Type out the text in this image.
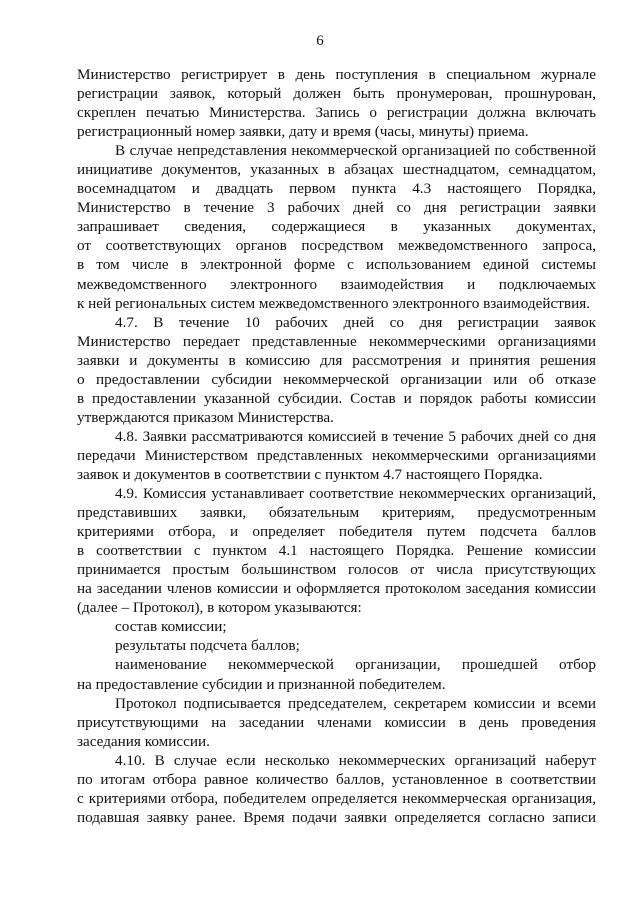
6
Министерство регистрирует в день поступления в специальном журнале
регистрации заявок, который должен быть пронумерован, прошнурован,
скреплен печатью Министерства. Запись о регистрации должна включать
регистрационный номер заявки, дату и время (часы, минуты) приема.
В случае непредставления некоммерческой организацией по собственной
инициативе документов, указанных в абзацах шестнадцатом, семнадцатом,
восемнадцатом и двадцать первом пункта 4.3 настоящего Порядка,
Министерство в течение 3 рабочих дней со дня регистрации заявки
запрашивает сведения, содержащиеся в указанных документах,
от соответствующих органов посредством межведомственного запроса,
в том числе в электронной форме с использованием единой системы
межведомственного электронного взаимодействия и подключаемых
к ней региональных систем межведомственного электронного взаимодействия.
4.7. В течение 10 рабочих дней со дня регистрации заявок
Министерство передает представленные некоммерческими организациями
заявки и документы в комиссию для рассмотрения и принятия решения
о предоставлении субсидии некоммерческой организации или об отказе
в предоставлении указанной субсидии. Состав и порядок работы комиссии
утверждаются приказом Министерства.
4.8. Заявки рассматриваются комиссией в течение 5 рабочих дней со дня
передачи Министерством представленных некоммерческими организациями
заявок и документов в соответствии с пунктом 4.7 настоящего Порядка.
4.9. Комиссия устанавливает соответствие некоммерческих организаций,
представивших заявки, обязательным критериям, предусмотренным
критериями отбора, и определяет победителя путем подсчета баллов
в соответствии с пунктом 4.1 настоящего Порядка. Решение комиссии
принимается простым большинством голосов от числа присутствующих
на заседании членов комиссии и оформляется протоколом заседания комиссии
(далее – Протокол), в котором указываются:
состав комиссии;
результаты подсчета баллов;
наименование некоммерческой организации, прошедшей отбор
на предоставление субсидии и признанной победителем.
Протокол подписывается председателем, секретарем комиссии и всеми
присутствующими на заседании членами комиссии в день проведения
заседания комиссии.
4.10. В случае если несколько некоммерческих организаций наберут
по итогам отбора равное количество баллов, установленное в соответствии
с критериями отбора, победителем определяется некоммерческая организация,
подавшая заявку ранее. Время подачи заявки определяется согласно записи
